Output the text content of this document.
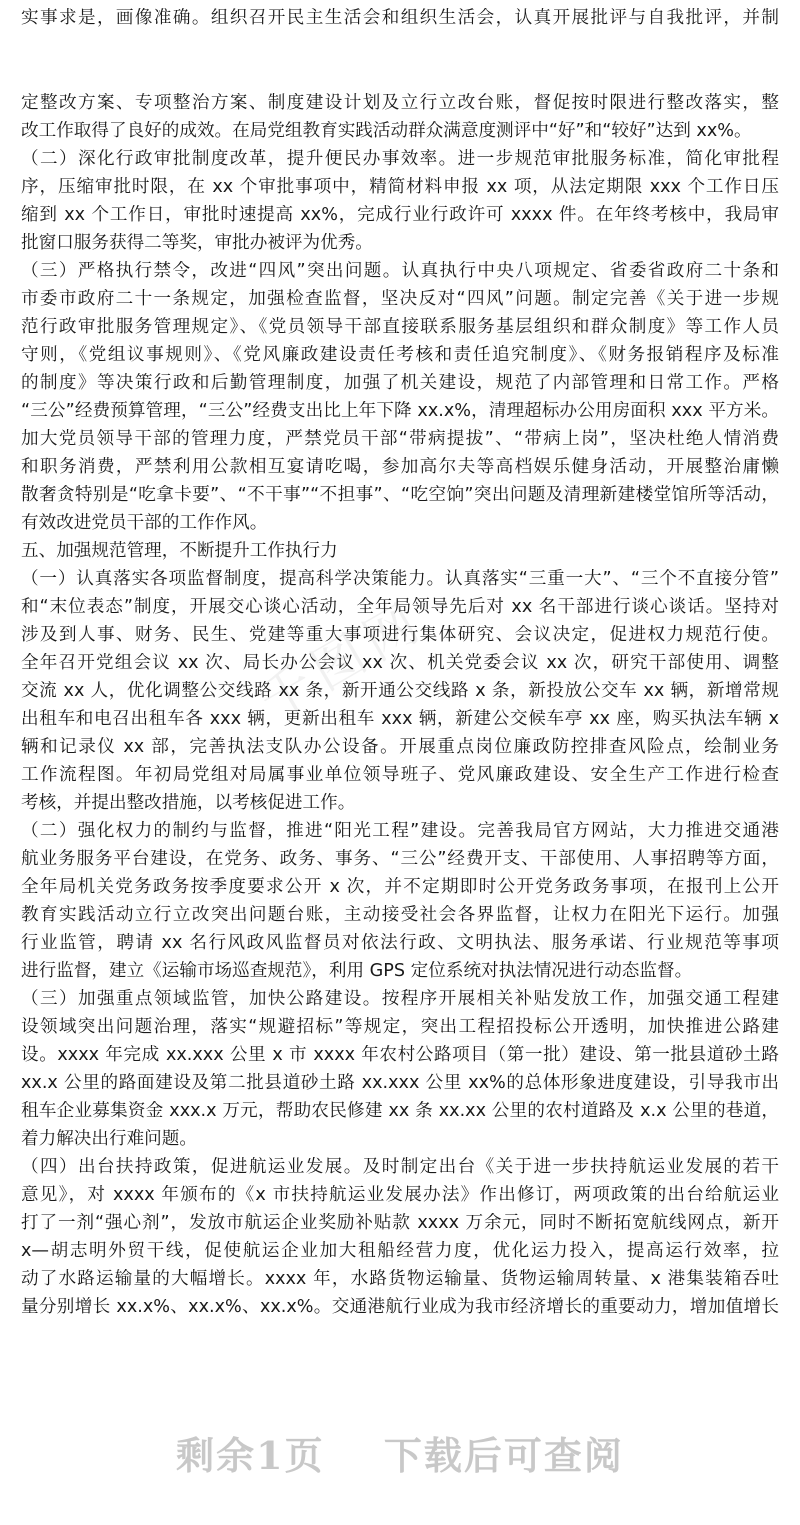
千图网
实事求是，画像准确。组织召开民主生活会和组织生活会，认真开展批评与自我批评，并制
定整改方案、专项整治方案、制度建设计划及立行立改台账，督促按时限进行整改落实，整
改工作取得了良好的成效。在局党组教育实践活动群众满意度测评中“好”和“较好”达到 xx%。
（二）深化行政审批制度改革，提升便民办事效率。进一步规范审批服务标准，简化审批程
序，压缩审批时限，在 xx 个审批事项中，精简材料申报 xx 项，从法定期限 xxx 个工作日压
缩到 xx 个工作日，审批时速提高 xx%，完成行业行政许可 xxxx 件。在年终考核中，我局审
批窗口服务获得二等奖，审批办被评为优秀。
（三）严格执行禁令，改进“四风”突出问题。认真执行中央八项规定、省委省政府二十条和
市委市政府二十一条规定，加强检查监督，坚决反对“四风”问题。制定完善《关于进一步规
范行政审批服务管理规定》、《党员领导干部直接联系服务基层组织和群众制度》等工作人员
守则，《党组议事规则》、《党风廉政建设责任考核和责任追究制度》、《财务报销程序及标准
的制度》等决策行政和后勤管理制度，加强了机关建设，规范了内部管理和日常工作。严格
“三公”经费预算管理，“三公”经费支出比上年下降 xx.x%，清理超标办公用房面积 xxx 平方米。
加大党员领导干部的管理力度，严禁党员干部“带病提拔”、“带病上岗”，坚决杜绝人情消费
和职务消费，严禁利用公款相互宴请吃喝，参加高尔夫等高档娱乐健身活动，开展整治庸懒
散奢贪特别是“吃拿卡要”、“不干事”“不担事”、“吃空饷”突出问题及清理新建楼堂馆所等活动，
有效改进党员干部的工作作风。
五、加强规范管理，不断提升工作执行力
（一）认真落实各项监督制度，提高科学决策能力。认真落实“三重一大”、“三个不直接分管”
和“末位表态”制度，开展交心谈心活动，全年局领导先后对 xx 名干部进行谈心谈话。坚持对
涉及到人事、财务、民生、党建等重大事项进行集体研究、会议决定，促进权力规范行使。
全年召开党组会议 xx 次、局长办公会议 xx 次、机关党委会议 xx 次，研究干部使用、调整
交流 xx 人，优化调整公交线路 xx 条，新开通公交线路 x 条，新投放公交车 xx 辆，新增常规
出租车和电召出租车各 xxx 辆，更新出租车 xxx 辆，新建公交候车亭 xx 座，购买执法车辆 x
辆和记录仪 xx 部，完善执法支队办公设备。开展重点岗位廉政防控排查风险点，绘制业务
工作流程图。年初局党组对局属事业单位领导班子、党风廉政建设、安全生产工作进行检查
考核，并提出整改措施，以考核促进工作。
（二）强化权力的制约与监督，推进“阳光工程”建设。完善我局官方网站，大力推进交通港
航业务服务平台建设，在党务、政务、事务、“三公”经费开支、干部使用、人事招聘等方面，
全年局机关党务政务按季度要求公开 x 次，并不定期即时公开党务政务事项，在报刊上公开
教育实践活动立行立改突出问题台账，主动接受社会各界监督，让权力在阳光下运行。加强
行业监管，聘请 xx 名行风政风监督员对依法行政、文明执法、服务承诺、行业规范等事项
进行监督，建立《运输市场巡查规范》，利用 GPS 定位系统对执法情况进行动态监督。
（三）加强重点领域监管，加快公路建设。按程序开展相关补贴发放工作，加强交通工程建
设领域突出问题治理，落实“规避招标”等规定，突出工程招投标公开透明，加快推进公路建
设。xxxx 年完成 xx.xxx 公里 x 市 xxxx 年农村公路项目（第一批）建设、第一批县道砂土路
xx.x 公里的路面建设及第二批县道砂土路 xx.xxx 公里 xx%的总体形象进度建设，引导我市出
租车企业募集资金 xxx.x 万元，帮助农民修建 xx 条 xx.xx 公里的农村道路及 x.x 公里的巷道，
着力解决出行难问题。
（四）出台扶持政策，促进航运业发展。及时制定出台《关于进一步扶持航运业发展的若干
意见》，对 xxxx 年颁布的《x 市扶持航运业发展办法》作出修订，两项政策的出台给航运业
打了一剂“强心剂”，发放市航运企业奖励补贴款 xxxx 万余元，同时不断拓宽航线网点，新开
x—胡志明外贸干线，促使航运企业加大租船经营力度，优化运力投入，提高运行效率，拉
动了水路运输量的大幅增长。xxxx 年，水路货物运输量、货物运输周转量、x 港集装箱吞吐
量分别增长 xx.x%、xx.x%、xx.x%。交通港航行业成为我市经济增长的重要动力，增加值增长
剩余1页 下载后可查阅
